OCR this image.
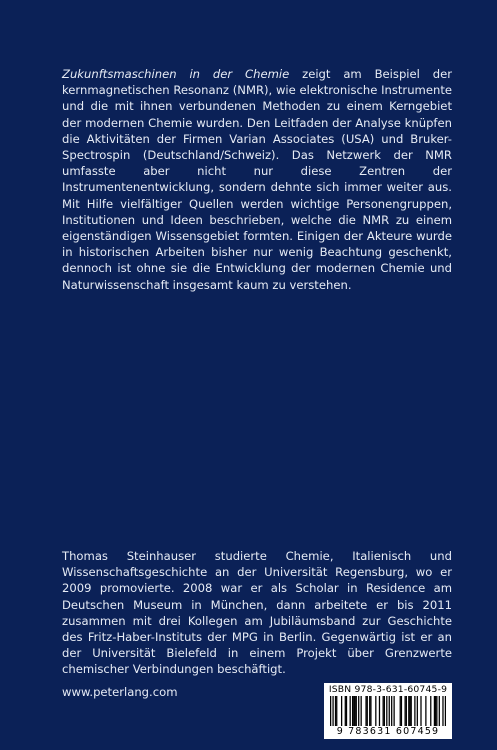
Zukunftsmaschinen in der Chemie zeigt am Beispiel der kernmagnetischen Resonanz (NMR), wie elektronische Instrumente und die mit ihnen verbundenen Methoden zu einem Kerngebiet der modernen Chemie wurden. Den Leitfaden der Analyse knüpfen die Aktivitäten der Firmen Varian Associates (USA) und Bruker-Spectrospin (Deutschland/Schweiz). Das Netzwerk der NMR umfasste aber nicht nur diese Zentren der Instrumentenentwicklung, sondern dehnte sich immer weiter aus. Mit Hilfe vielfältiger Quellen werden wichtige Personengruppen, Institutionen und Ideen beschrieben, welche die NMR zu einem eigenständigen Wissensgebiet formten. Einigen der Akteure wurde in historischen Arbeiten bisher nur wenig Beachtung geschenkt, dennoch ist ohne sie die Entwicklung der modernen Chemie und Naturwissenschaft insgesamt kaum zu verstehen.

Thomas Steinhauser studierte Chemie, Italienisch und Wissenschaftsgeschichte an der Universität Regensburg, wo er 2009 promovierte. 2008 war er als Scholar in Residence am Deutschen Museum in München, dann arbeitete er bis 2011 zusammen mit drei Kollegen am Jubiläumsband zur Geschichte des Fritz-Haber-Instituts der MPG in Berlin. Gegenwärtig ist er an der Universität Bielefeld in einem Projekt über Grenzwerte chemischer Verbindungen beschäftigt.

www.peterlang.com	ISBN 978-3-631-60745-9
9 783631 607459
